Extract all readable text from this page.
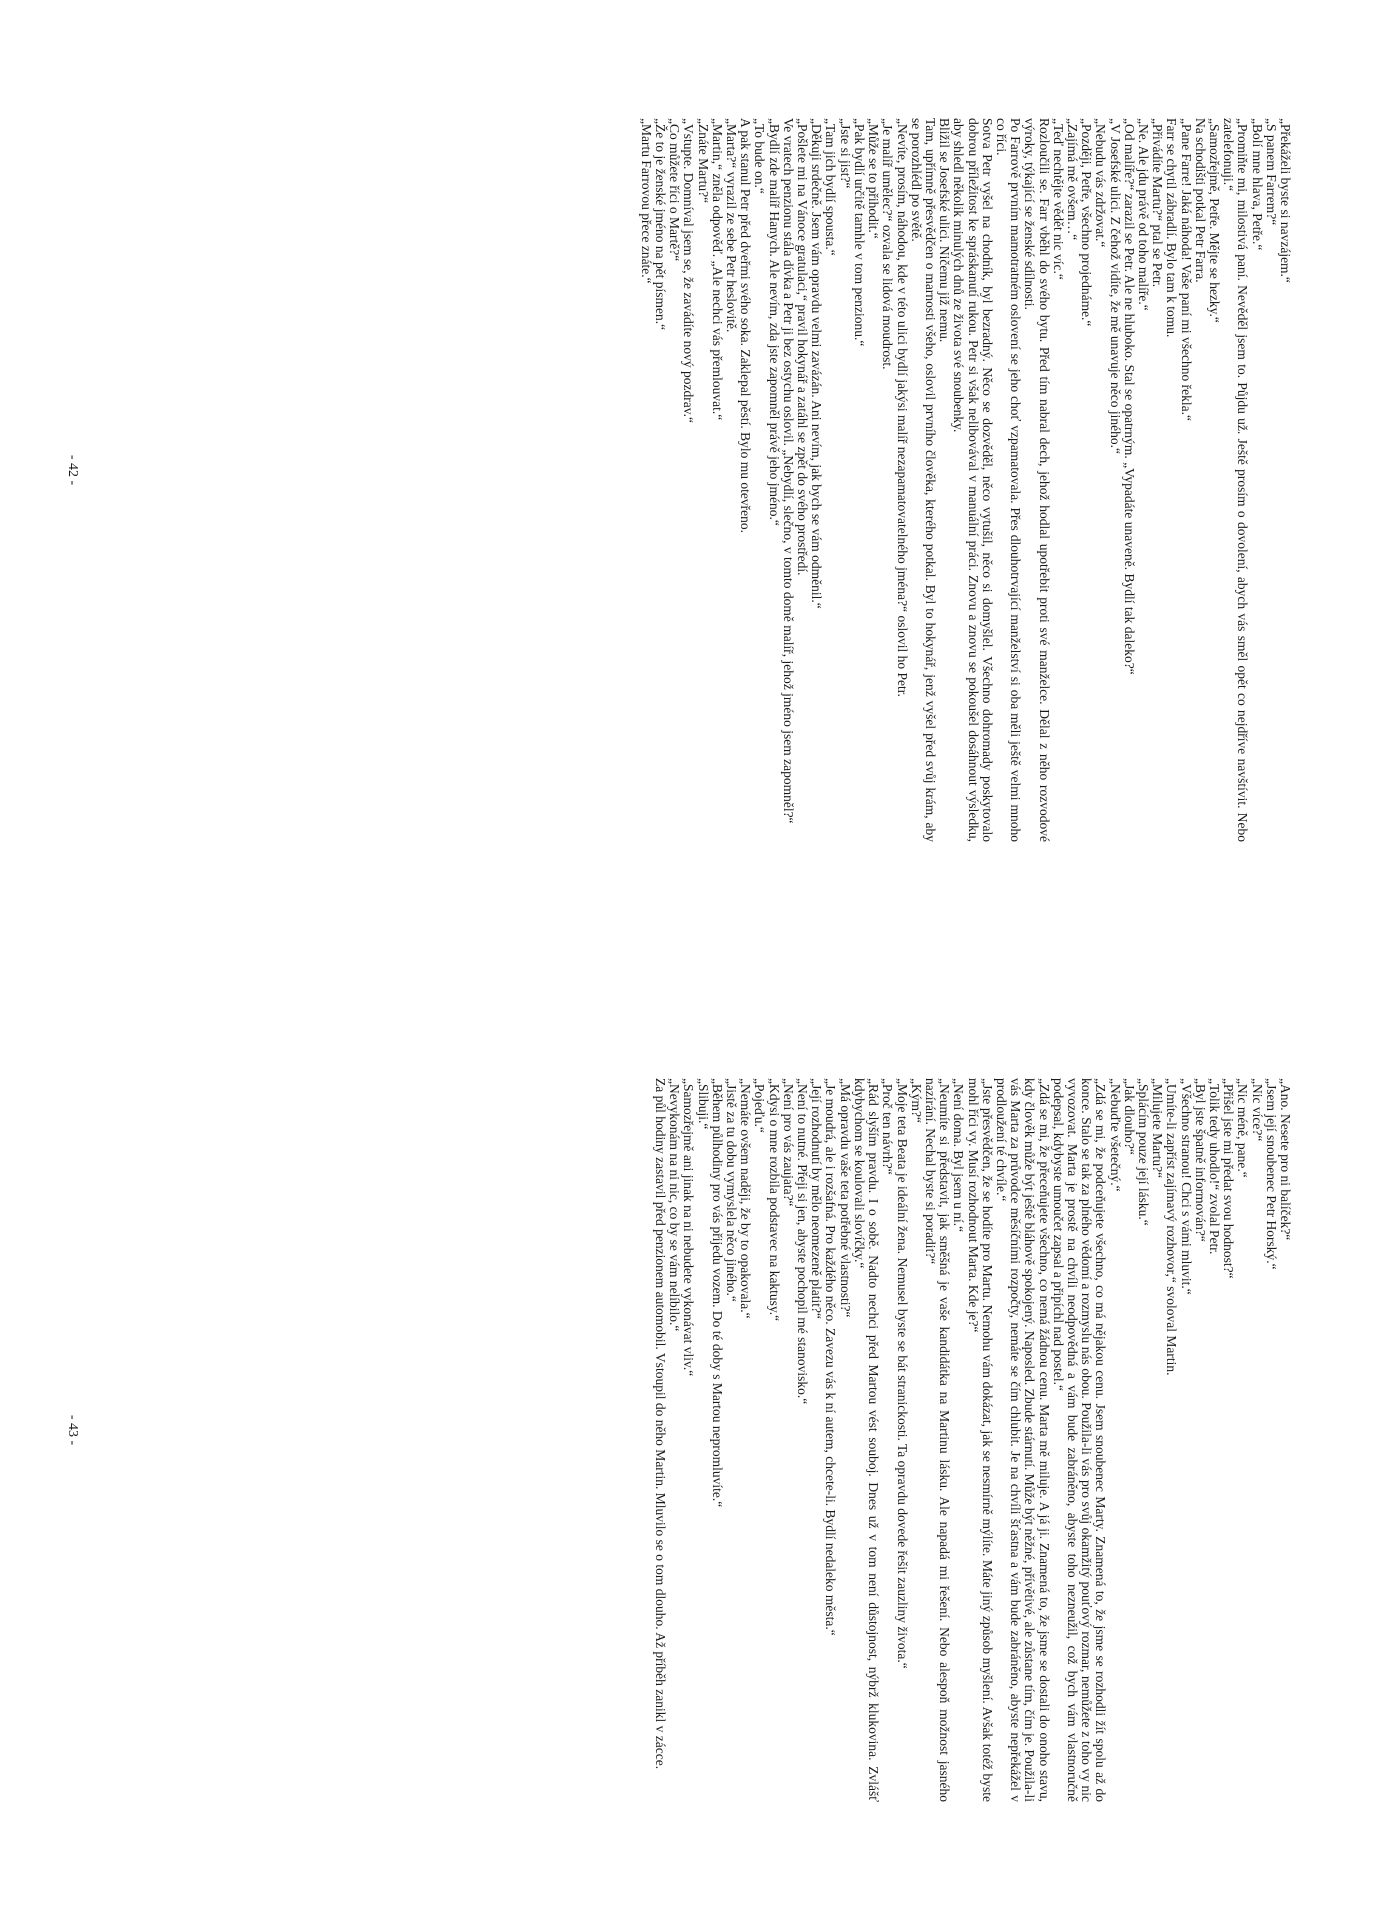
„Překáželi byste si navzájem.“

„S panem Farrem?“

„Bolí mne hlava, Petře.“

„Promiňte mi, milostivá paní. Nevěděl jsem to. Půjdu už. Ještě prosím o dovolení, abych vás směl opět co nejdříve navštívit. Nebo zatelefonuji.“

„Samozřejmě, Petře. Mějte se hezky.“

Na schodišti potkal Petr Farra.

„Pane Farre! Jaká náhoda! Vaše paní mi všechno řekla.“

Farr se chytil zábradlí. Bylo tam k tomu.

„Přivádíte Martu?“ ptal se Petr.

„Ne. Ale jdu právě od toho malíře.“

„Od malíře?“ zarazil se Petr. Ale ne hluboko. Stal se opatrným. „Vypadáte unaveně. Bydlí tak daleko?“

„V Josefské ulici. Z čehož vidíte, že mě unavuje něco jiného.“

„Nebudu vás zdržovat.“

„Později, Petře, všechno projednáme.“

„Zajímá mě ovšem…“

„Teď nechtějte vědět nic víc.“

Rozloučili se. Farr vběhl do svého bytu. Před tím nabral dech, jehož hodlal upotřebit proti své manželce. Dělal z něho rozvodové výroky, týkající se ženské sdílnosti.

Po Farrově prvním mamotratném oslovení se jeho choť vzpamatovala. Přes dlouhotrvající manželství si oba měli ještě velmi mnoho co říci.

Sotva Petr vyšel na chodník, byl bezradný. Něco se dozvěděl, něco vytušil, něco si domyšlel. Všechno dohromady poskytovalo dobrou příležitost ke spráskanutí rukou. Petr si však nelibovával v manuální práci. Znovu a znovu se pokoušel dosáhnout výsledku, aby shledl několik minulých dnů ze života své snoubenky.

Bližil se Josefské ulici. Ničemu již nemu.

Tam, upřímně přesvědčen o marnosti všeho, oslovil prvního člověka, kterého potkal. Byl to hokynář, jenž vyšel před svůj krám, aby se porozhlédl po světě.

„Nevíte, prosím, náhodou, kde v této ulici bydlí jakýsi malíř nezapamatovatelného jména?“ oslovil ho Petr.

„Je malíř umělec?“ ozvala se lidová moudrost.

„Může se to přihodit.“

„Pak bydlí určitě tamhle v tom penzionu.“

„Jste si jist?“

„Tam jich bydlí spousta.“

„Děkuji srdečně. Jsem vám opravdu velmi zavázán. Ani nevím, jak bych se vám odměnil.“

„Pošlete mi na Vánoce gratulaci,“ pravil hokynář a zatáhl se zpět do svého prostředí.

Ve vratech penzionu stála dívka a Petr ji bez ostychu oslovil. „Nebydlí, slečno, v tomto domě malíř, jehož jméno jsem zapomněl?“

„Bydlí zde malíř Hanych. Ale nevím, zda jste zapomněl právě jeho jméno.“

„To bude on.“

A pak stanul Petr před dveřmi svého soka. Zaklepal pěstí. Bylo mu otevřeno.

„Marta?“ vyrazil ze sebe Petr heslovitě.

„Martin,“ zněla odpověď. „Ale nechci vás přemlouvat.“

„Znáte Martu?“

„Vstupte. Domníval jsem se, že zavádíte nový pozdrav.“

„Co můžete říci o Martě?“

„Že to je ženské jméno na pět písmen.“

„Martu Farrovou přece znáte.“

- 42 -

„Ano. Nesete pro ni balíček?“

„Jsem její snoubenec Petr Horský.“

„Nic více?“

„Nic méně, pane.“

„Přišel jste mi předat svou hodnost?“

„Tolik tedy uhodlo!“ zvolal Petr.

„Byl jste špatně informován?“

„Všechno stranou! Chci s vámi mluvit.“

„Umíte-li zapříst zajímavý rozhovor,“ svoloval Martin.

„Milujete Martu?“

„Splácím pouze její lásku.“

„Jak dlouho?“

„Nebuďte všetečný.“

„Zdá se mi, že podceňujete všechno, co má nějakou cenu. Jsem snoubenec Marty. Znamená to, že jsme se rozhodli žít spolu až do konce. Stalo se tak za plného vědomí a rozmyslu nás obou. Použila-li vás pro svůj okamžitý pouťový rozmar, nemůžete z toho vy nic vyvozovat. Marta je prostě na chvíli neodpovědná a vám bude zabráněno, abyste toho nezneužil, což bych vám vlastnoručně podepsal, kdybyste umoučet zapsal a připíchl nad postel.“

„Zdá se mi, že přeceňujete všechno, co nemá žádnou cenu. Marta mě miluje. A já ji. Znamená to, že jsme se dostali do onoho stavu, kdy člověk může být ještě bláhově spokojený. Naposled. Zbude stárnutí. Může být něžné, přívětivé, ale zůstane tím, čím je. Použila-li vás Marta za průvodce měsíčními rozpočty, nemáte se čím chlubit. Je na chvíli šťastna a vám bude zabráněno, abyste nepřekážel v prodloužení té chvíle.“

„Jste přesvědčen, že se hodíte pro Martu. Nemohu vám dokázat, jak se nesmírně mýlíte. Máte jiný způsob myšlení. Avšak totéž byste mohl říci vy. Musí rozhodnout Marta. Kde je?“

„Není doma. Byl jsem u ní.“

„Neumíte si představit, jak směšná je vaše kandidátka na Martinu lásku. Ale napadá mi řešení. Nebo alespoň možnost jasného nazírání. Nechal byste si poradit?“

„Kým?“

„Moje teta Beata je ideální žena. Nemusel byste se bát stranickosti. Ta opravdu dovede řešit zauzliny života.“

„Proč ten návrh?“

„Rád slyším pravdu. I o sobě. Nadto nechci před Martou vést souboj. Dnes už v tom není důstojnost, nýbrž klukovina. Zvlášť kdybychom se koulovali slovíčky.“

„Má opravdu vaše teta potřebné vlastnosti?“

„Je moudrá, ale i rozšafná. Pro každého něco. Zavezu vás k ní autem, chcete-li. Bydlí nedaleko města.“

„Její rozhodnutí by mělo neomezeně platit?“

„Není to nutné. Přeji si jen, abyste pochopil mé stanovisko.“

„Není pro vás zaujata?“

„Kdysi o mne rozbila podstavec na kaktusy.“

„Pojeďu.“

„Nemáte ovšem naději, že by to opakovala.“

„Jistě za tu dobu vymyslela něco jiného.“

„Během půlhodiny pro vás přijedu vozem. Do té doby s Martou nepromluvíte.“

„Slibuji.“

„Samozřejmě ani jinak na ni nebudete vykonávat vliv.“

„Nevykonám na ni nic, co by se vám nelíbilo.“

Za půl hodiny zastavil před penzionem automobil. Vstoupil do něho Martin. Mluvilo se o tom dlouho. Až příběh zanikl v zácce.

- 43 -
